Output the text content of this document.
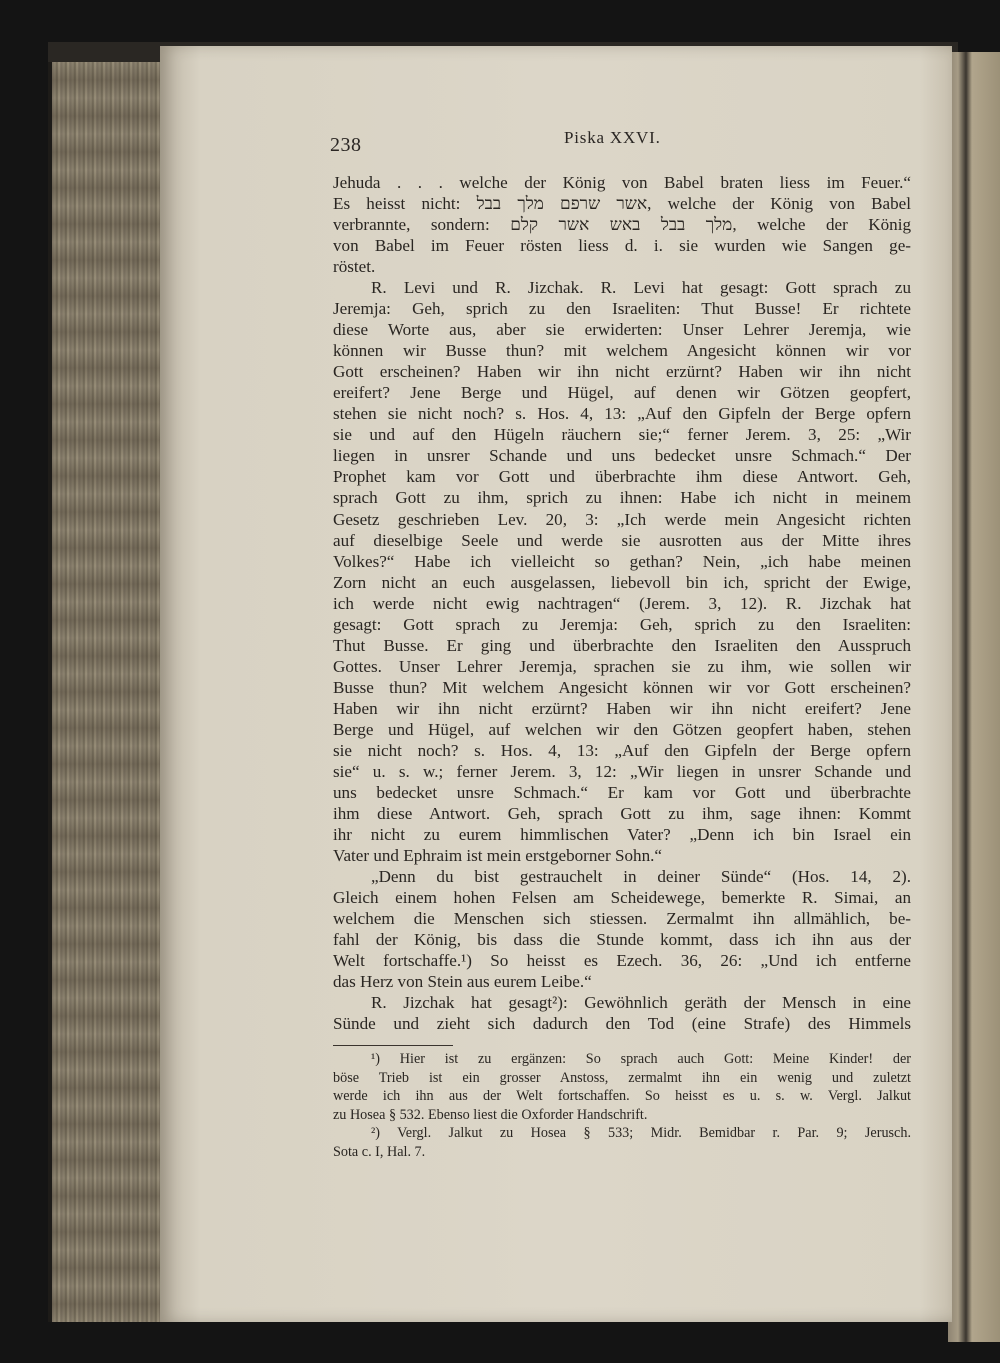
238	Piska XXVI.
Jehuda . . . welche der König von Babel braten liess im Feuer.“
Es heisst nicht: אשר שרפם מלך בבל, welche der König von Babel
verbrannte, sondern: מלך בבל באש אשר קלם, welche der König
von Babel im Feuer rösten liess d. i. sie wurden wie Sangen ge-
röstet.
R. Levi und R. Jizchak. R. Levi hat gesagt: Gott sprach zu
Jeremja: Geh, sprich zu den Israeliten: Thut Busse! Er richtete
diese Worte aus, aber sie erwiderten: Unser Lehrer Jeremja, wie
können wir Busse thun? mit welchem Angesicht können wir vor
Gott erscheinen? Haben wir ihn nicht erzürnt? Haben wir ihn nicht
ereifert? Jene Berge und Hügel, auf denen wir Götzen geopfert,
stehen sie nicht noch? s. Hos. 4, 13: „Auf den Gipfeln der Berge opfern
sie und auf den Hügeln räuchern sie;“ ferner Jerem. 3, 25: „Wir
liegen in unsrer Schande und uns bedecket unsre Schmach.“ Der
Prophet kam vor Gott und überbrachte ihm diese Antwort. Geh,
sprach Gott zu ihm, sprich zu ihnen: Habe ich nicht in meinem
Gesetz geschrieben Lev. 20, 3: „Ich werde mein Angesicht richten
auf dieselbige Seele und werde sie ausrotten aus der Mitte ihres
Volkes?“ Habe ich vielleicht so gethan? Nein, „ich habe meinen
Zorn nicht an euch ausgelassen, liebevoll bin ich, spricht der Ewige,
ich werde nicht ewig nachtragen“ (Jerem. 3, 12). R. Jizchak hat
gesagt: Gott sprach zu Jeremja: Geh, sprich zu den Israeliten:
Thut Busse. Er ging und überbrachte den Israeliten den Ausspruch
Gottes. Unser Lehrer Jeremja, sprachen sie zu ihm, wie sollen wir
Busse thun? Mit welchem Angesicht können wir vor Gott erscheinen?
Haben wir ihn nicht erzürnt? Haben wir ihn nicht ereifert? Jene
Berge und Hügel, auf welchen wir den Götzen geopfert haben, stehen
sie nicht noch? s. Hos. 4, 13: „Auf den Gipfeln der Berge opfern
sie“ u. s. w.; ferner Jerem. 3, 12: „Wir liegen in unsrer Schande und
uns bedecket unsre Schmach.“ Er kam vor Gott und überbrachte
ihm diese Antwort. Geh, sprach Gott zu ihm, sage ihnen: Kommt
ihr nicht zu eurem himmlischen Vater? „Denn ich bin Israel ein
Vater und Ephraim ist mein erstgeborner Sohn.“
„Denn du bist gestrauchelt in deiner Sünde“ (Hos. 14, 2).
Gleich einem hohen Felsen am Scheidewege, bemerkte R. Simai, an
welchem die Menschen sich stiessen. Zermalmt ihn allmählich, be-
fahl der König, bis dass die Stunde kommt, dass ich ihn aus der
Welt fortschaffe.¹) So heisst es Ezech. 36, 26: „Und ich entferne
das Herz von Stein aus eurem Leibe.“
R. Jizchak hat gesagt²): Gewöhnlich geräth der Mensch in eine
Sünde und zieht sich dadurch den Tod (eine Strafe) des Himmels
¹) Hier ist zu ergänzen: So sprach auch Gott: Meine Kinder! der
böse Trieb ist ein grosser Anstoss, zermalmt ihn ein wenig und zuletzt
werde ich ihn aus der Welt fortschaffen. So heisst es u. s. w. Vergl. Jalkut
zu Hosea § 532. Ebenso liest die Oxforder Handschrift.
²) Vergl. Jalkut zu Hosea § 533; Midr. Bemidbar r. Par. 9; Jerusch.
Sota c. I, Hal. 7.
